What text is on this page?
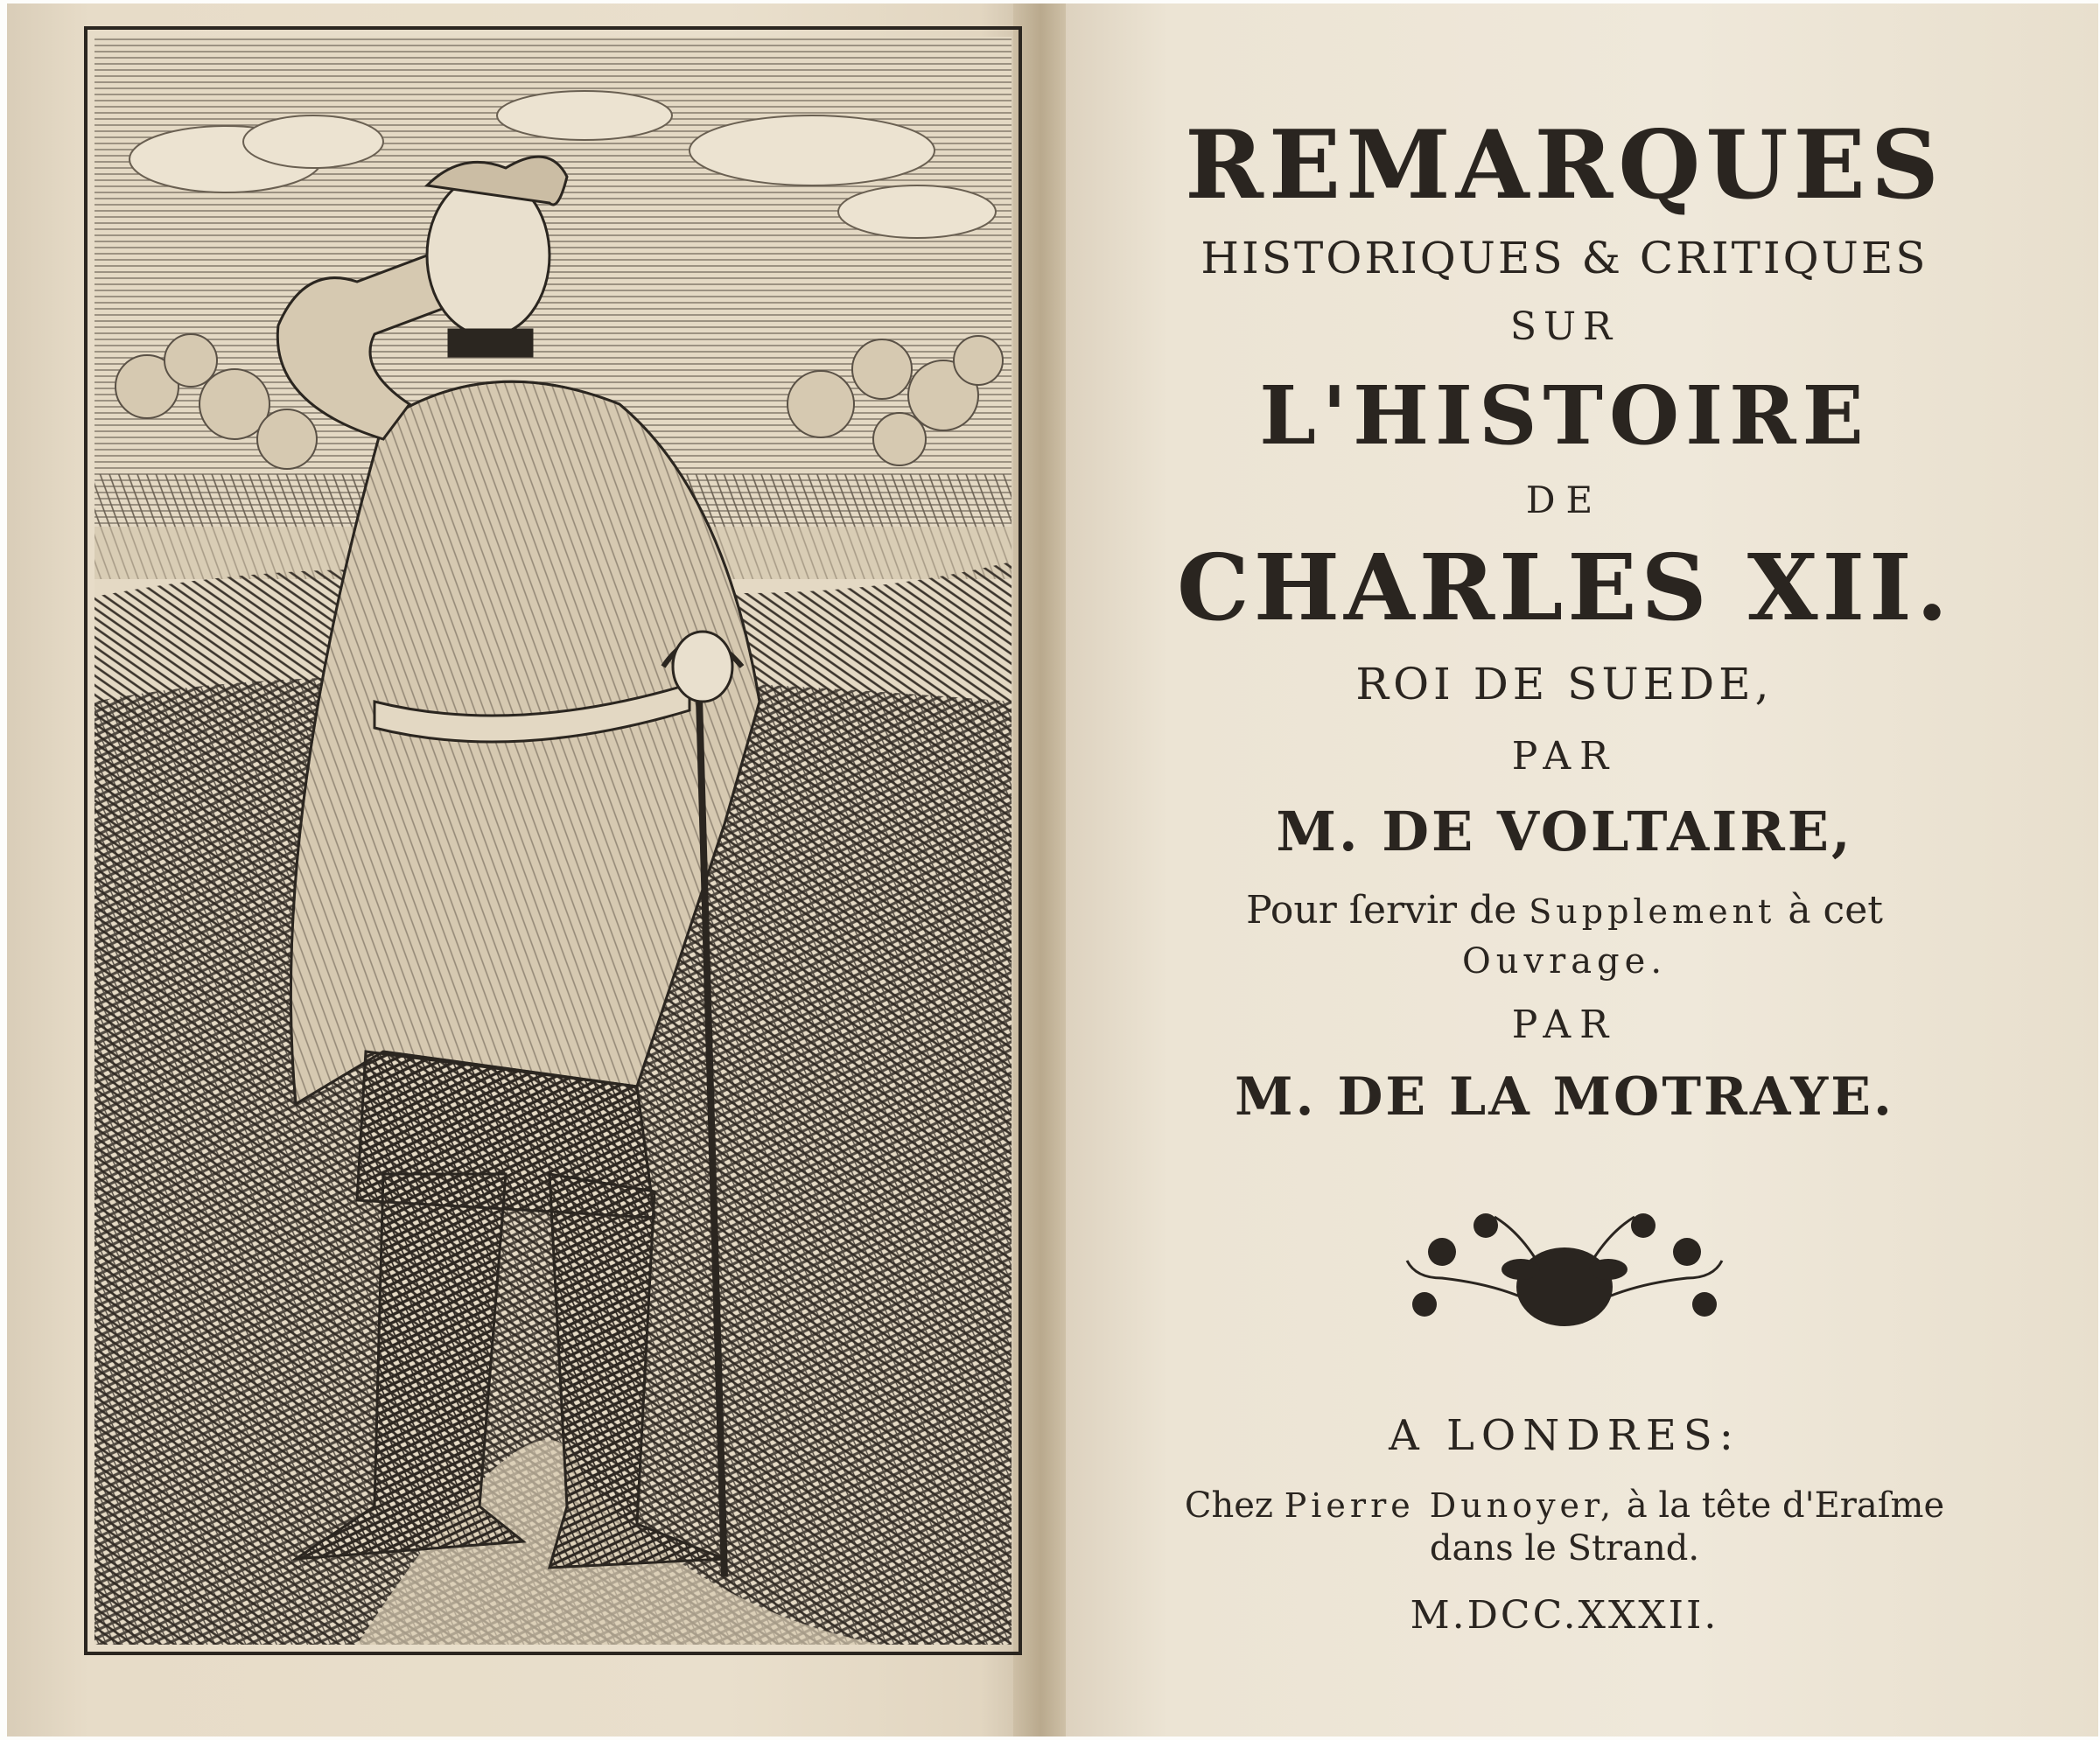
REMARQUES
HISTORIQUES & CRITIQUES
SUR
L'HISTOIRE
DE
CHARLES XII.
ROI DE SUEDE,
PAR
M. DE VOLTAIRE,
Pour ſervir de Supplement à cet
Ouvrage.
PAR
M. DE LA MOTRAYE.
A LONDRES:
Chez Pierre Dunoyer, à la tête d'Eraſme
dans le Strand.
M.DCC.XXXII.
